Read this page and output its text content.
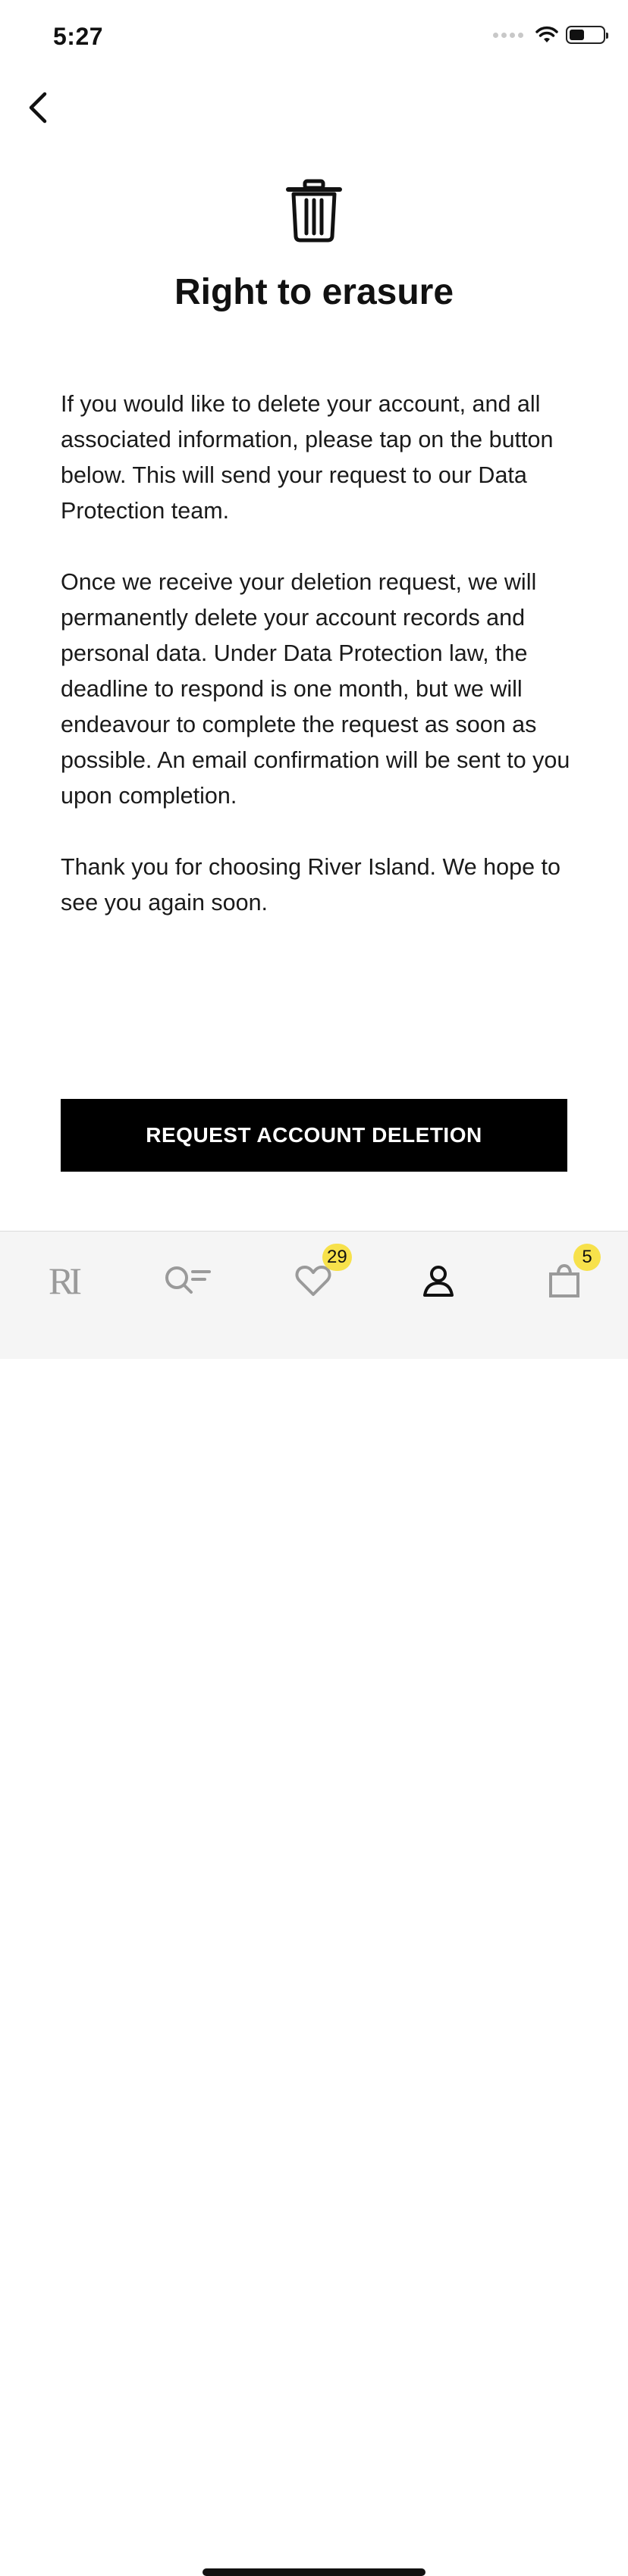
5:27
Right to erasure

If you would like to delete your account, and all associated information, please tap on the button below. This will send your request to our Data Protection team.

Once we receive your deletion request, we will permanently delete your account records and personal data. Under Data Protection law, the deadline to respond is one month, but we will endeavour to complete the request as soon as possible. An email confirmation will be sent to you upon completion.

Thank you for choosing River Island. We hope to see you again soon.

REQUEST ACCOUNT DELETION
RI
29	5
